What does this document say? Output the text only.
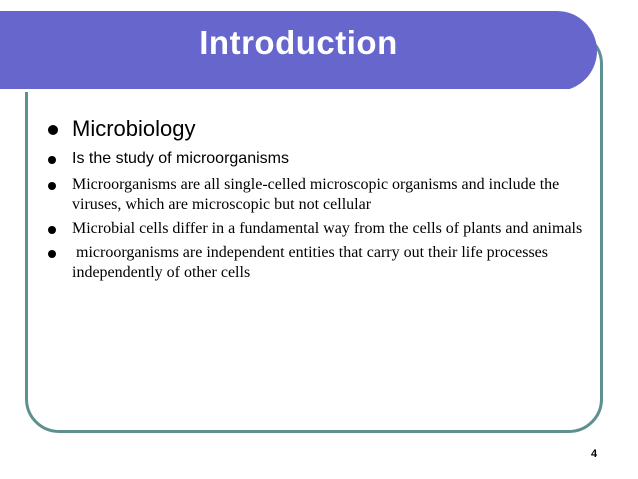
Introduction
Microbiology
Is the study of microorganisms
Microorganisms are all single-celled microscopic organisms and include the viruses, which are microscopic but not cellular
Microbial cells differ in a fundamental way from the cells of plants and animals
microorganisms are independent entities that carry out their life processes independently of other cells
4
